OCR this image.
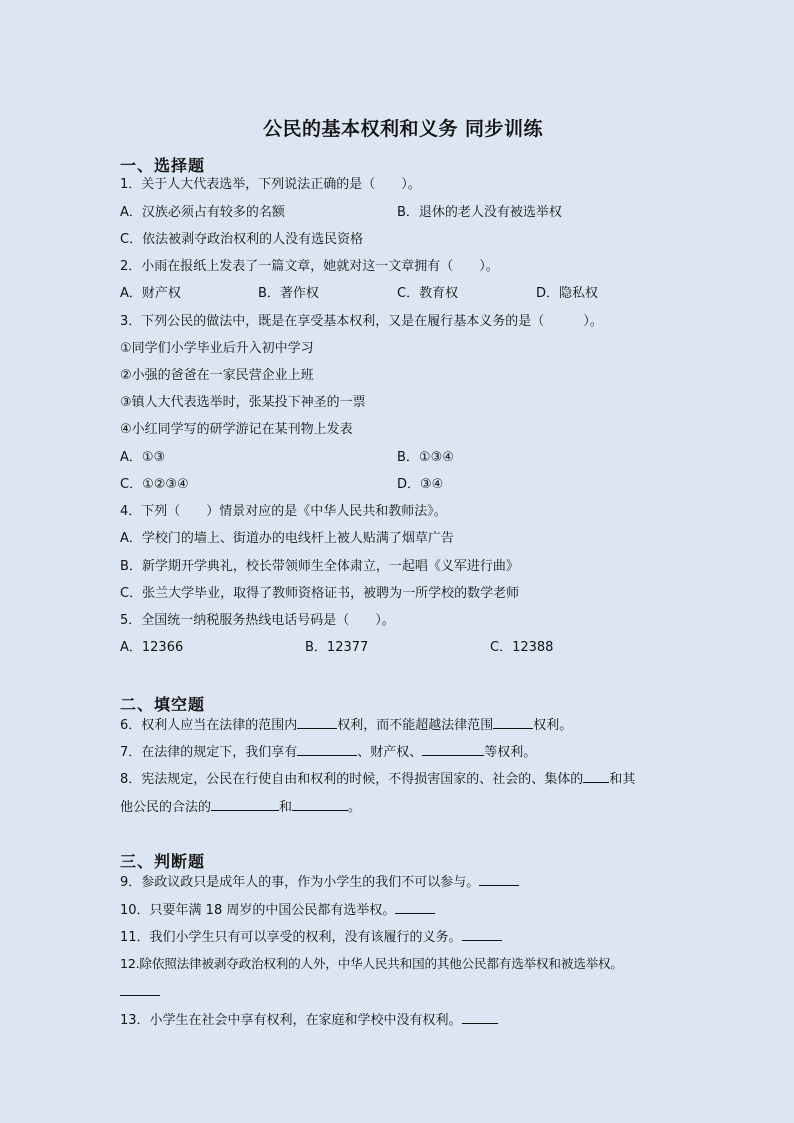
公民的基本权利和义务 同步训练
一、选择题
1．关于人大代表选举，下列说法正确的是（　　）。
A．汉族必须占有较多的名额	B．退休的老人没有被选举权
C．依法被剥夺政治权利的人没有选民资格
2．小雨在报纸上发表了一篇文章，她就对这一文章拥有（　　）。
A．财产权	B．著作权	C．教育权	D．隐私权
3．下列公民的做法中，既是在享受基本权利，又是在履行基本义务的是（　　　）。
①同学们小学毕业后升入初中学习
②小强的爸爸在一家民营企业上班
③镇人大代表选举时，张某投下神圣的一票
④小红同学写的研学游记在某刊物上发表
A．①③	B．①③④
C．①②③④	D．③④
4．下列（　　）情景对应的是《中华人民共和教师法》。
A．学校门的墙上、街道办的电线杆上被人贴满了烟草广告
B．新学期开学典礼，校长带领师生全体肃立，一起唱《义军进行曲》
C．张兰大学毕业，取得了教师资格证书，被聘为一所学校的数学老师
5．全国统一纳税服务热线电话号码是（　　）。
A．12366	B．12377	C．12388
二、填空题
6．权利人应当在法律的范围内	权利，而不能超越法律范围	权利。
7．在法律的规定下，我们享有	、财产权、	等权利。
8．宪法规定，公民在行使自由和权利的时候，不得损害国家的、社会的、集体的 和其
他公民的合法的	和	。
三、判断题
9．参政议政只是成年人的事，作为小学生的我们不可以参与。
10．只要年满 18 周岁的中国公民都有选举权。
11．我们小学生只有可以享受的权利，没有该履行的义务。
12.除依照法律被剥夺政治权利的人外，中华人民共和国的其他公民都有选举权和被选举权。
13．小学生在社会中享有权利，在家庭和学校中没有权利。
